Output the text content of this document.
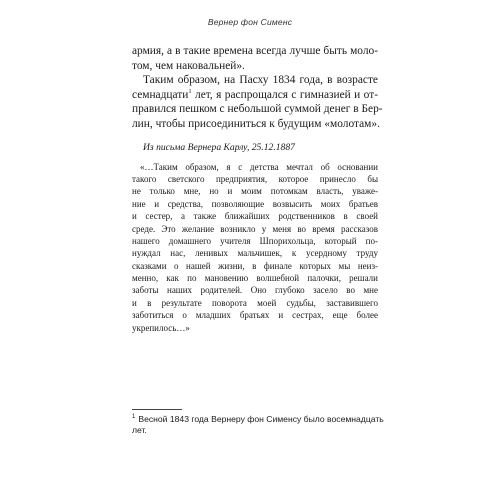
Вернер фон Сименс
армия, а в такие времена всегда лучше быть моло-
том, чем наковальней».
Таким образом, на Пасху 1834 года, в возрасте
семнадцати$^1$ лет, я распрощался с гимназией и от-
правился пешком с небольшой суммой денег в Бер-
лин, чтобы присоединиться к будущим «молотам».
Из письма Вернера Карлу, 25.12.1887
«…Таким образом, я с детства мечтал об основании
такого светского предприятия, которое принесло бы
не только мне, но и моим потомкам власть, уваже-
ние и средства, позволяющие возвысить моих братьев
и сестер, а также ближайших родственников в своей
среде. Это желание возникло у меня во время рассказов
нашего домашнего учителя Шпорихольца, который по-
нуждал нас, ленивых мальчишек, к усердному труду
сказками о нашей жизни, в финале которых мы неиз-
менно, как по мановению волшебной палочки, решали
заботы наших родителей. Оно глубоко засело во мне
и в результате поворота моей судьбы, заставившего
заботиться о младших братьях и сестрах, еще более
укрепилось…»
$^1$ Весной 1843 года Вернеру фон Сименсу было восемнадцать
лет.
